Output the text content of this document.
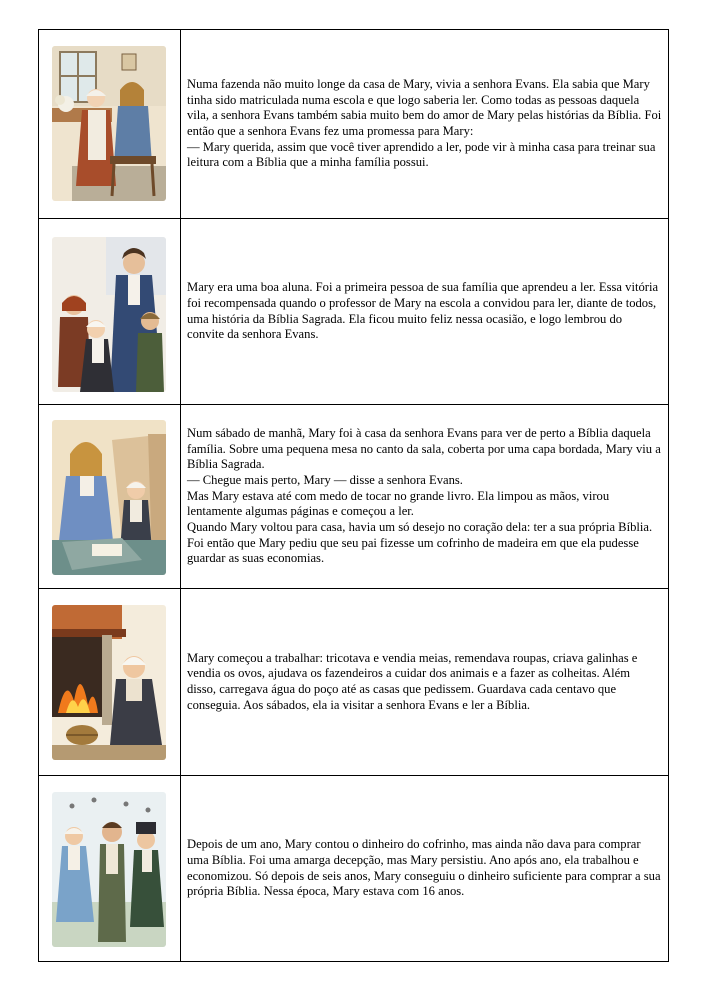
Numa fazenda não muito longe da casa de Mary, vivia a senhora Evans. Ela sabia que Mary tinha sido matriculada numa escola e que logo saberia ler. Como todas as pessoas daquela vila, a senhora Evans também sabia muito bem do amor de Mary pelas histórias da Bíblia. Foi então que a senhora Evans fez uma promessa para Mary:
— Mary querida, assim que você tiver aprendido a ler, pode vir à minha casa para treinar sua leitura com a Bíblia que a minha família possui.

Mary era uma boa aluna. Foi a primeira pessoa de sua família que aprendeu a ler. Essa vitória foi recompensada quando o professor de Mary na escola a convidou para ler, diante de todos, uma história da Bíblia Sagrada. Ela ficou muito feliz nessa ocasião, e logo lembrou do convite da senhora Evans.

Num sábado de manhã, Mary foi à casa da senhora Evans para ver de perto a Bíblia daquela família. Sobre uma pequena mesa no canto da sala, coberta por uma capa bordada, Mary viu a Bíblia Sagrada.
— Chegue mais perto, Mary — disse a senhora Evans.
Mas Mary estava até com medo de tocar no grande livro. Ela limpou as mãos, virou lentamente algumas páginas e começou a ler.
Quando Mary voltou para casa, havia um só desejo no coração dela: ter a sua própria Bíblia. Foi então que Mary pediu que seu pai fizesse um cofrinho de madeira em que ela pudesse guardar as suas economias.

Mary começou a trabalhar: tricotava e vendia meias, remendava roupas, criava galinhas e vendia os ovos, ajudava os fazendeiros a cuidar dos animais e a fazer as colheitas. Além disso, carregava água do poço até as casas que pedissem. Guardava cada centavo que conseguia. Aos sábados, ela ia visitar a senhora Evans e ler a Bíblia.

Depois de um ano, Mary contou o dinheiro do cofrinho, mas ainda não dava para comprar uma Bíblia. Foi uma amarga decepção, mas Mary persistiu. Ano após ano, ela trabalhou e economizou. Só depois de seis anos, Mary conseguiu o dinheiro suficiente para comprar a sua própria Bíblia. Nessa época, Mary estava com 16 anos.
